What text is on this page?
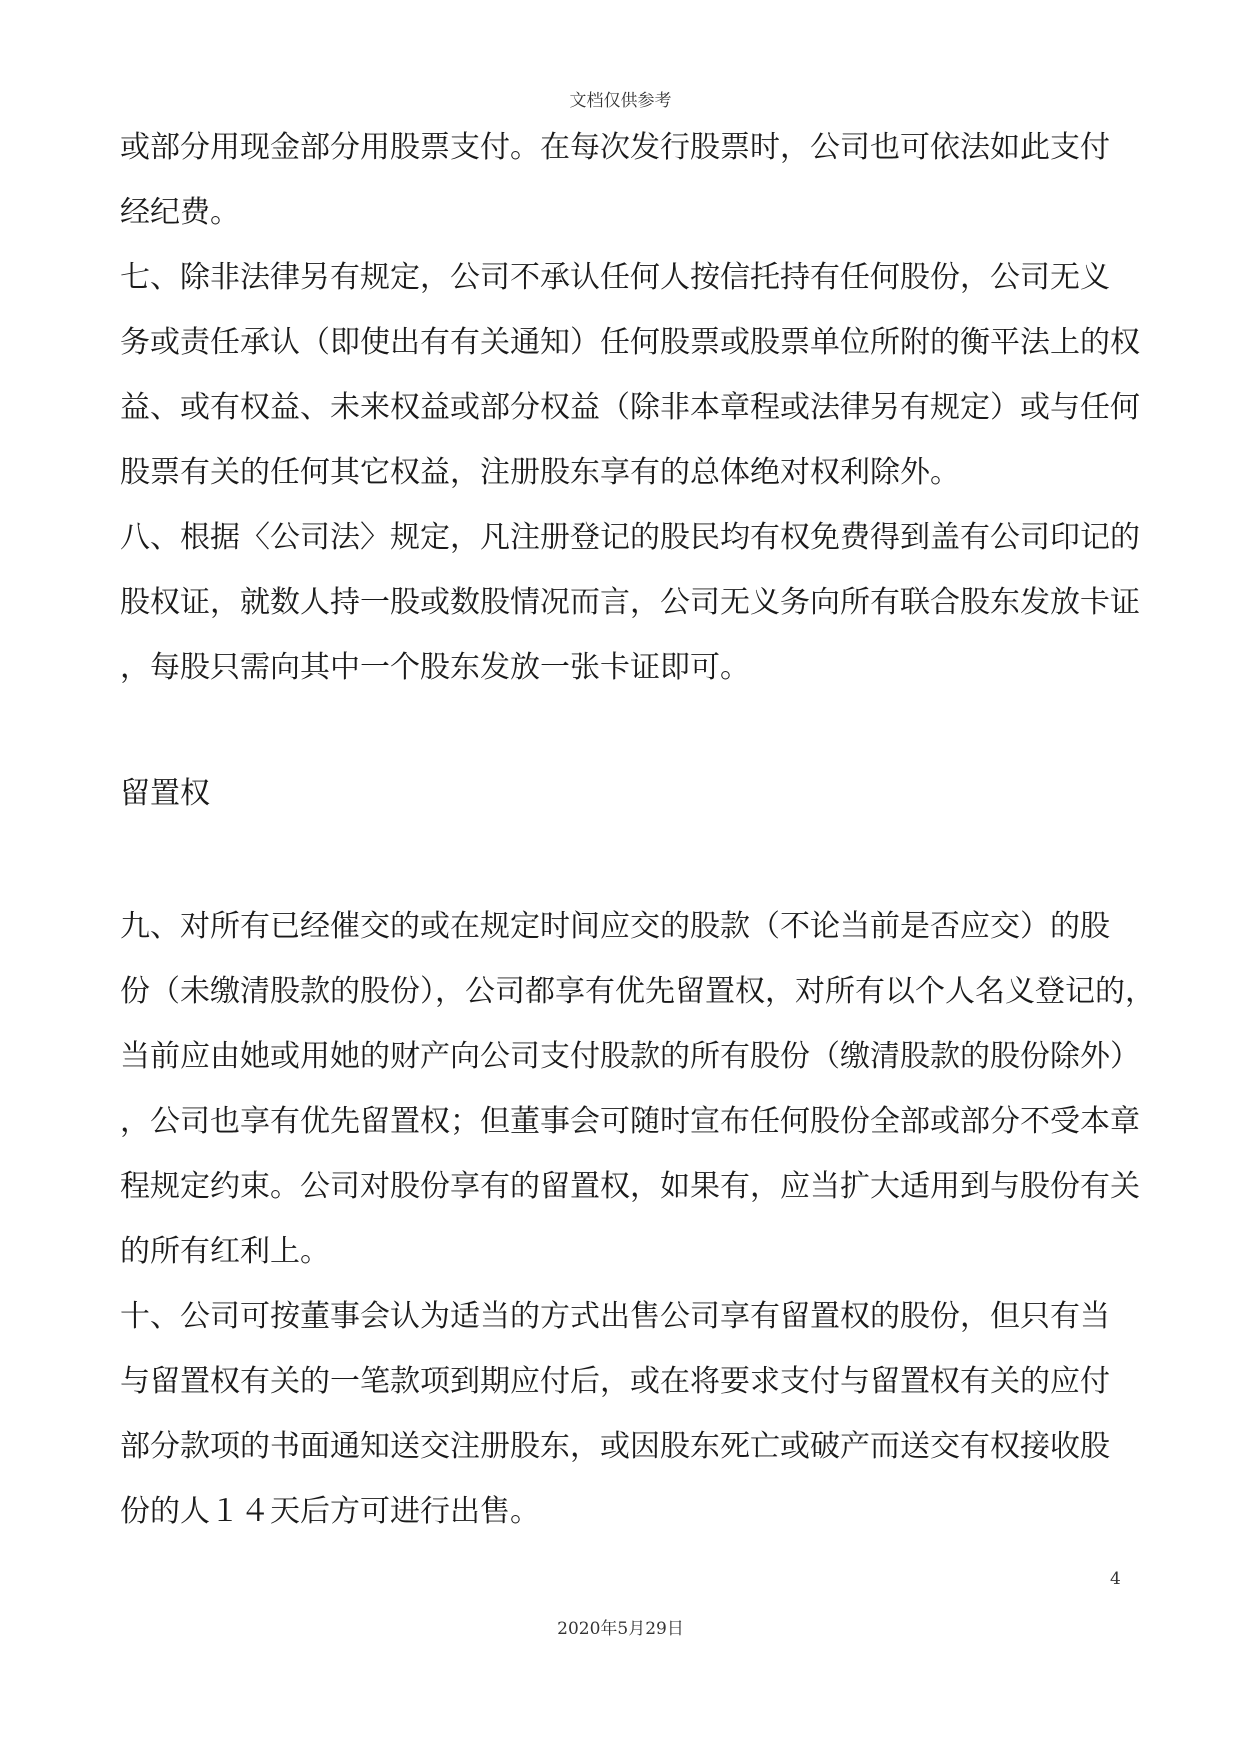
文档仅供参考
或部分用现金部分用股票支付。在每次发行股票时，公司也可依法如此支付
经纪费。
七、除非法律另有规定，公司不承认任何人按信托持有任何股份，公司无义
务或责任承认（即使出有有关通知）任何股票或股票单位所附的衡平法上的权
益、或有权益、未来权益或部分权益（除非本章程或法律另有规定）或与任何
股票有关的任何其它权益，注册股东享有的总体绝对权利除外。
八、根据〈公司法〉规定，凡注册登记的股民均有权免费得到盖有公司印记的
股权证，就数人持一股或数股情况而言，公司无义务向所有联合股东发放卡证
，每股只需向其中一个股东发放一张卡证即可。
留置权
九、对所有已经催交的或在规定时间应交的股款（不论当前是否应交）的股
份（未缴清股款的股份），公司都享有优先留置权，对所有以个人名义登记的，
当前应由她或用她的财产向公司支付股款的所有股份（缴清股款的股份除外）
，公司也享有优先留置权；但董事会可随时宣布任何股份全部或部分不受本章
程规定约束。公司对股份享有的留置权，如果有，应当扩大适用到与股份有关
的所有红利上。
十、公司可按董事会认为适当的方式出售公司享有留置权的股份，但只有当
与留置权有关的一笔款项到期应付后，或在将要求支付与留置权有关的应付
部分款项的书面通知送交注册股东，或因股东死亡或破产而送交有权接收股
份的人１４天后方可进行出售。
4
2020年5月29日
